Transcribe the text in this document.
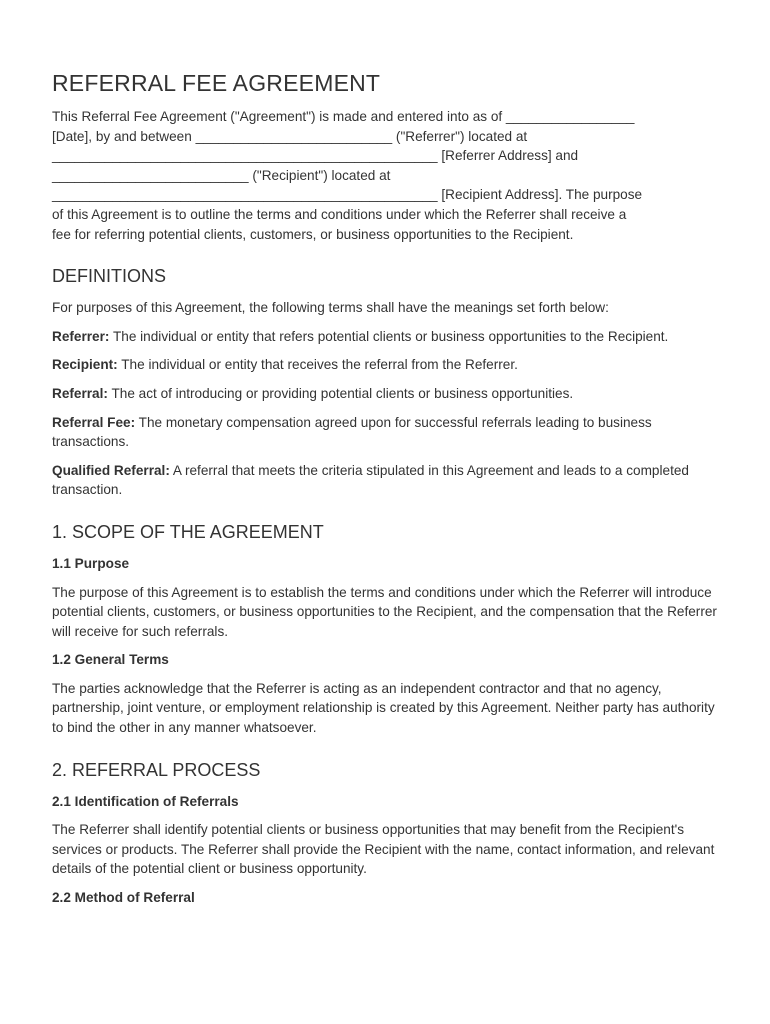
REFERRAL FEE AGREEMENT

This Referral Fee Agreement ("Agreement") is made and entered into as of _________________
[Date], by and between __________________________ ("Referrer") located at
___________________________________________________ [Referrer Address] and
__________________________ ("Recipient") located at
___________________________________________________ [Recipient Address]. The purpose
of this Agreement is to outline the terms and conditions under which the Referrer shall receive a
fee for referring potential clients, customers, or business opportunities to the Recipient.

DEFINITIONS

For purposes of this Agreement, the following terms shall have the meanings set forth below:

Referrer: The individual or entity that refers potential clients or business opportunities to the Recipient.

Recipient: The individual or entity that receives the referral from the Referrer.

Referral: The act of introducing or providing potential clients or business opportunities.

Referral Fee: The monetary compensation agreed upon for successful referrals leading to business transactions.

Qualified Referral: A referral that meets the criteria stipulated in this Agreement and leads to a completed transaction.

1. SCOPE OF THE AGREEMENT

1.1 Purpose

The purpose of this Agreement is to establish the terms and conditions under which the Referrer will introduce potential clients, customers, or business opportunities to the Recipient, and the compensation that the Referrer will receive for such referrals.

1.2 General Terms

The parties acknowledge that the Referrer is acting as an independent contractor and that no agency, partnership, joint venture, or employment relationship is created by this Agreement. Neither party has authority to bind the other in any manner whatsoever.

2. REFERRAL PROCESS

2.1 Identification of Referrals

The Referrer shall identify potential clients or business opportunities that may benefit from the Recipient's services or products. The Referrer shall provide the Recipient with the name, contact information, and relevant details of the potential client or business opportunity.

2.2 Method of Referral
